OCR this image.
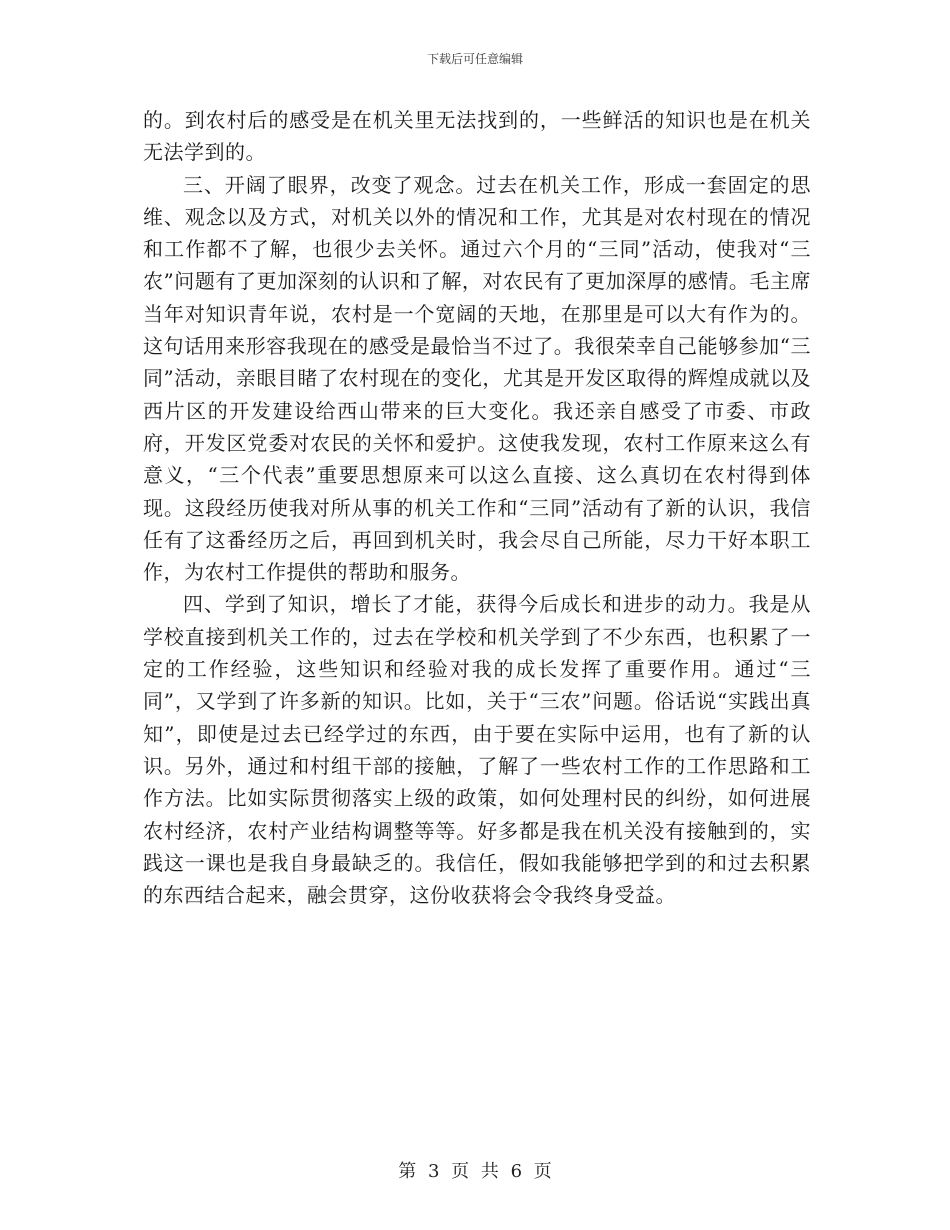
下载后可任意编辑

的。到农村后的感受是在机关里无法找到的，一些鲜活的知识也是在机关无法学到的。

三、开阔了眼界，改变了观念。过去在机关工作，形成一套固定的思维、观念以及方式，对机关以外的情况和工作，尤其是对农村现在的情况和工作都不了解，也很少去关怀。通过六个月的“三同”活动，使我对“三农”问题有了更加深刻的认识和了解，对农民有了更加深厚的感情。毛主席当年对知识青年说，农村是一个宽阔的天地，在那里是可以大有作为的。这句话用来形容我现在的感受是最恰当不过了。我很荣幸自己能够参加“三同”活动，亲眼目睹了农村现在的变化，尤其是开发区取得的辉煌成就以及西片区的开发建设给西山带来的巨大变化。我还亲自感受了市委、市政府，开发区党委对农民的关怀和爱护。这使我发现，农村工作原来这么有意义，“三个代表”重要思想原来可以这么直接、这么真切在农村得到体现。这段经历使我对所从事的机关工作和“三同”活动有了新的认识，我信任有了这番经历之后，再回到机关时，我会尽自己所能，尽力干好本职工作，为农村工作提供的帮助和服务。

四、学到了知识，增长了才能，获得今后成长和进步的动力。我是从学校直接到机关工作的，过去在学校和机关学到了不少东西，也积累了一定的工作经验，这些知识和经验对我的成长发挥了重要作用。通过“三同”，又学到了许多新的知识。比如，关于“三农”问题。俗话说“实践出真知”，即使是过去已经学过的东西，由于要在实际中运用，也有了新的认识。另外，通过和村组干部的接触，了解了一些农村工作的工作思路和工作方法。比如实际贯彻落实上级的政策，如何处理村民的纠纷，如何进展农村经济，农村产业结构调整等等。好多都是我在机关没有接触到的，实践这一课也是我自身最缺乏的。我信任，假如我能够把学到的和过去积累的东西结合起来，融会贯穿，这份收获将会令我终身受益。

第 3 页 共 6 页
